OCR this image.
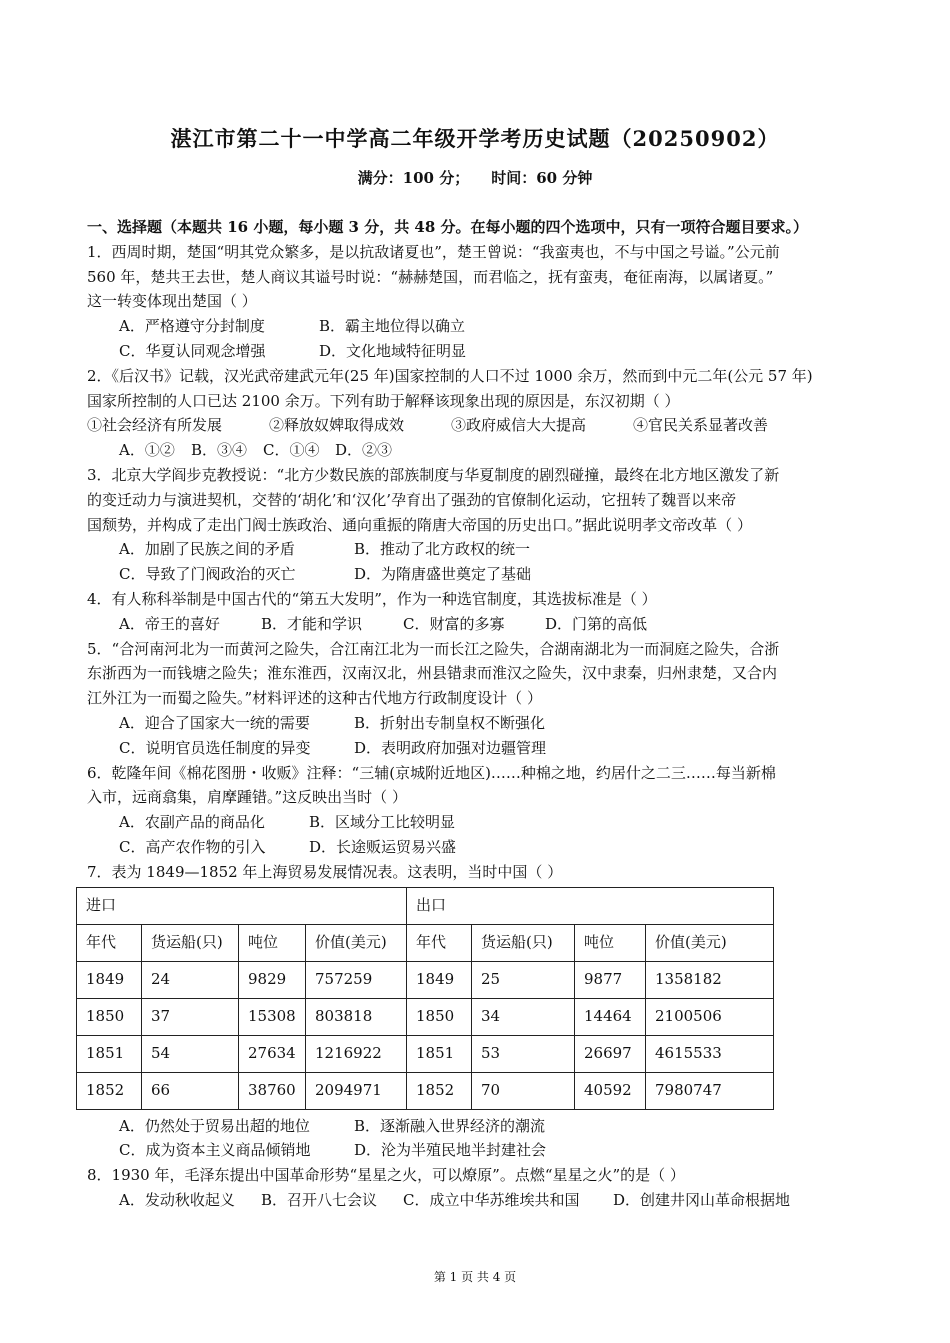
湛江市第二十一中学高二年级开学考历史试题（20250902）
满分：100 分； 时间：60 分钟
一、选择题（本题共 16 小题，每小题 3 分，共 48 分。在每小题的四个选项中，只有一项符合题目要求。）
1．西周时期，楚国“明其党众繁多，是以抗敌诸夏也”，楚王曾说：“我蛮夷也，不与中国之号谥。”公元前
560 年，楚共王去世，楚人商议其谥号时说：“赫赫楚国，而君临之，抚有蛮夷，奄征南海，以属诸夏。”
这一转变体现出楚国（ ）
A．严格遵守分封制度	B．霸主地位得以确立
C．华夏认同观念增强	D．文化地域特征明显
2．《后汉书》记载，汉光武帝建武元年(25 年)国家控制的人口不过 1000 余万，然而到中元二年(公元 57 年)
国家所控制的人口已达 2100 余万。下列有助于解释该现象出现的原因是，东汉初期（ ）
①社会经济有所发展	②释放奴婢取得成效	③政府威信大大提高	④官民关系显著改善
A．①② B．③④ C．①④ D．②③
3．北京大学阎步克教授说：“北方少数民族的部族制度与华夏制度的剧烈碰撞，最终在北方地区激发了新
的变迁动力与演进契机，交替的‘胡化’和‘汉化’孕育出了强劲的官僚制化运动，它扭转了魏晋以来帝
国颓势，并构成了走出门阀士族政治、通向重振的隋唐大帝国的历史出口。”据此说明孝文帝改革（ ）
A．加剧了民族之间的矛盾	B．推动了北方政权的统一
C．导致了门阀政治的灭亡	D．为隋唐盛世奠定了基础
4．有人称科举制是中国古代的“第五大发明”，作为一种选官制度，其选拔标准是（ ）
A．帝王的喜好	B．才能和学识	C．财富的多寡	D．门第的高低
5．“合河南河北为一而黄河之险失，合江南江北为一而长江之险失，合湖南湖北为一而洞庭之险失，合浙
东浙西为一而钱塘之险失；淮东淮西，汉南汉北，州县错隶而淮汉之险失，汉中隶秦，归州隶楚，又合内
江外江为一而蜀之险失。”材料评述的这种古代地方行政制度设计（ ）
A．迎合了国家大一统的需要	B．折射出专制皇权不断强化
C．说明官员选任制度的异变	D．表明政府加强对边疆管理
6．乾隆年间《棉花图册・收贩》注释：“三辅(京城附近地区)……种棉之地，约居什之二三……每当新棉
入市，远商翕集，肩摩踵错。”这反映出当时（ ）
A．农副产品的商品化	B．区域分工比较明显
C．高产农作物的引入	D．长途贩运贸易兴盛
7．表为 1849—1852 年上海贸易发展情况表。这表明，当时中国（ ）
进口				出口			
年代	货运船(只)	吨位	价值(美元)	年代	货运船(只)	吨位	价值(美元)
1849	24	9829	757259	1849	25	9877	1358182
1850	37	15308	803818	1850	34	14464	2100506
1851	54	27634	1216922	1851	53	26697	4615533
1852	66	38760	2094971	1852	70	40592	7980747
A．仍然处于贸易出超的地位	B．逐渐融入世界经济的潮流
C．成为资本主义商品倾销地	D．沦为半殖民地半封建社会
8．1930 年，毛泽东提出中国革命形势“星星之火，可以燎原”。点燃“星星之火”的是（ ）
A．发动秋收起义 B．召开八七会议 C．成立中华苏维埃共和国 D．创建井冈山革命根据地
第 1 页 共 4 页
